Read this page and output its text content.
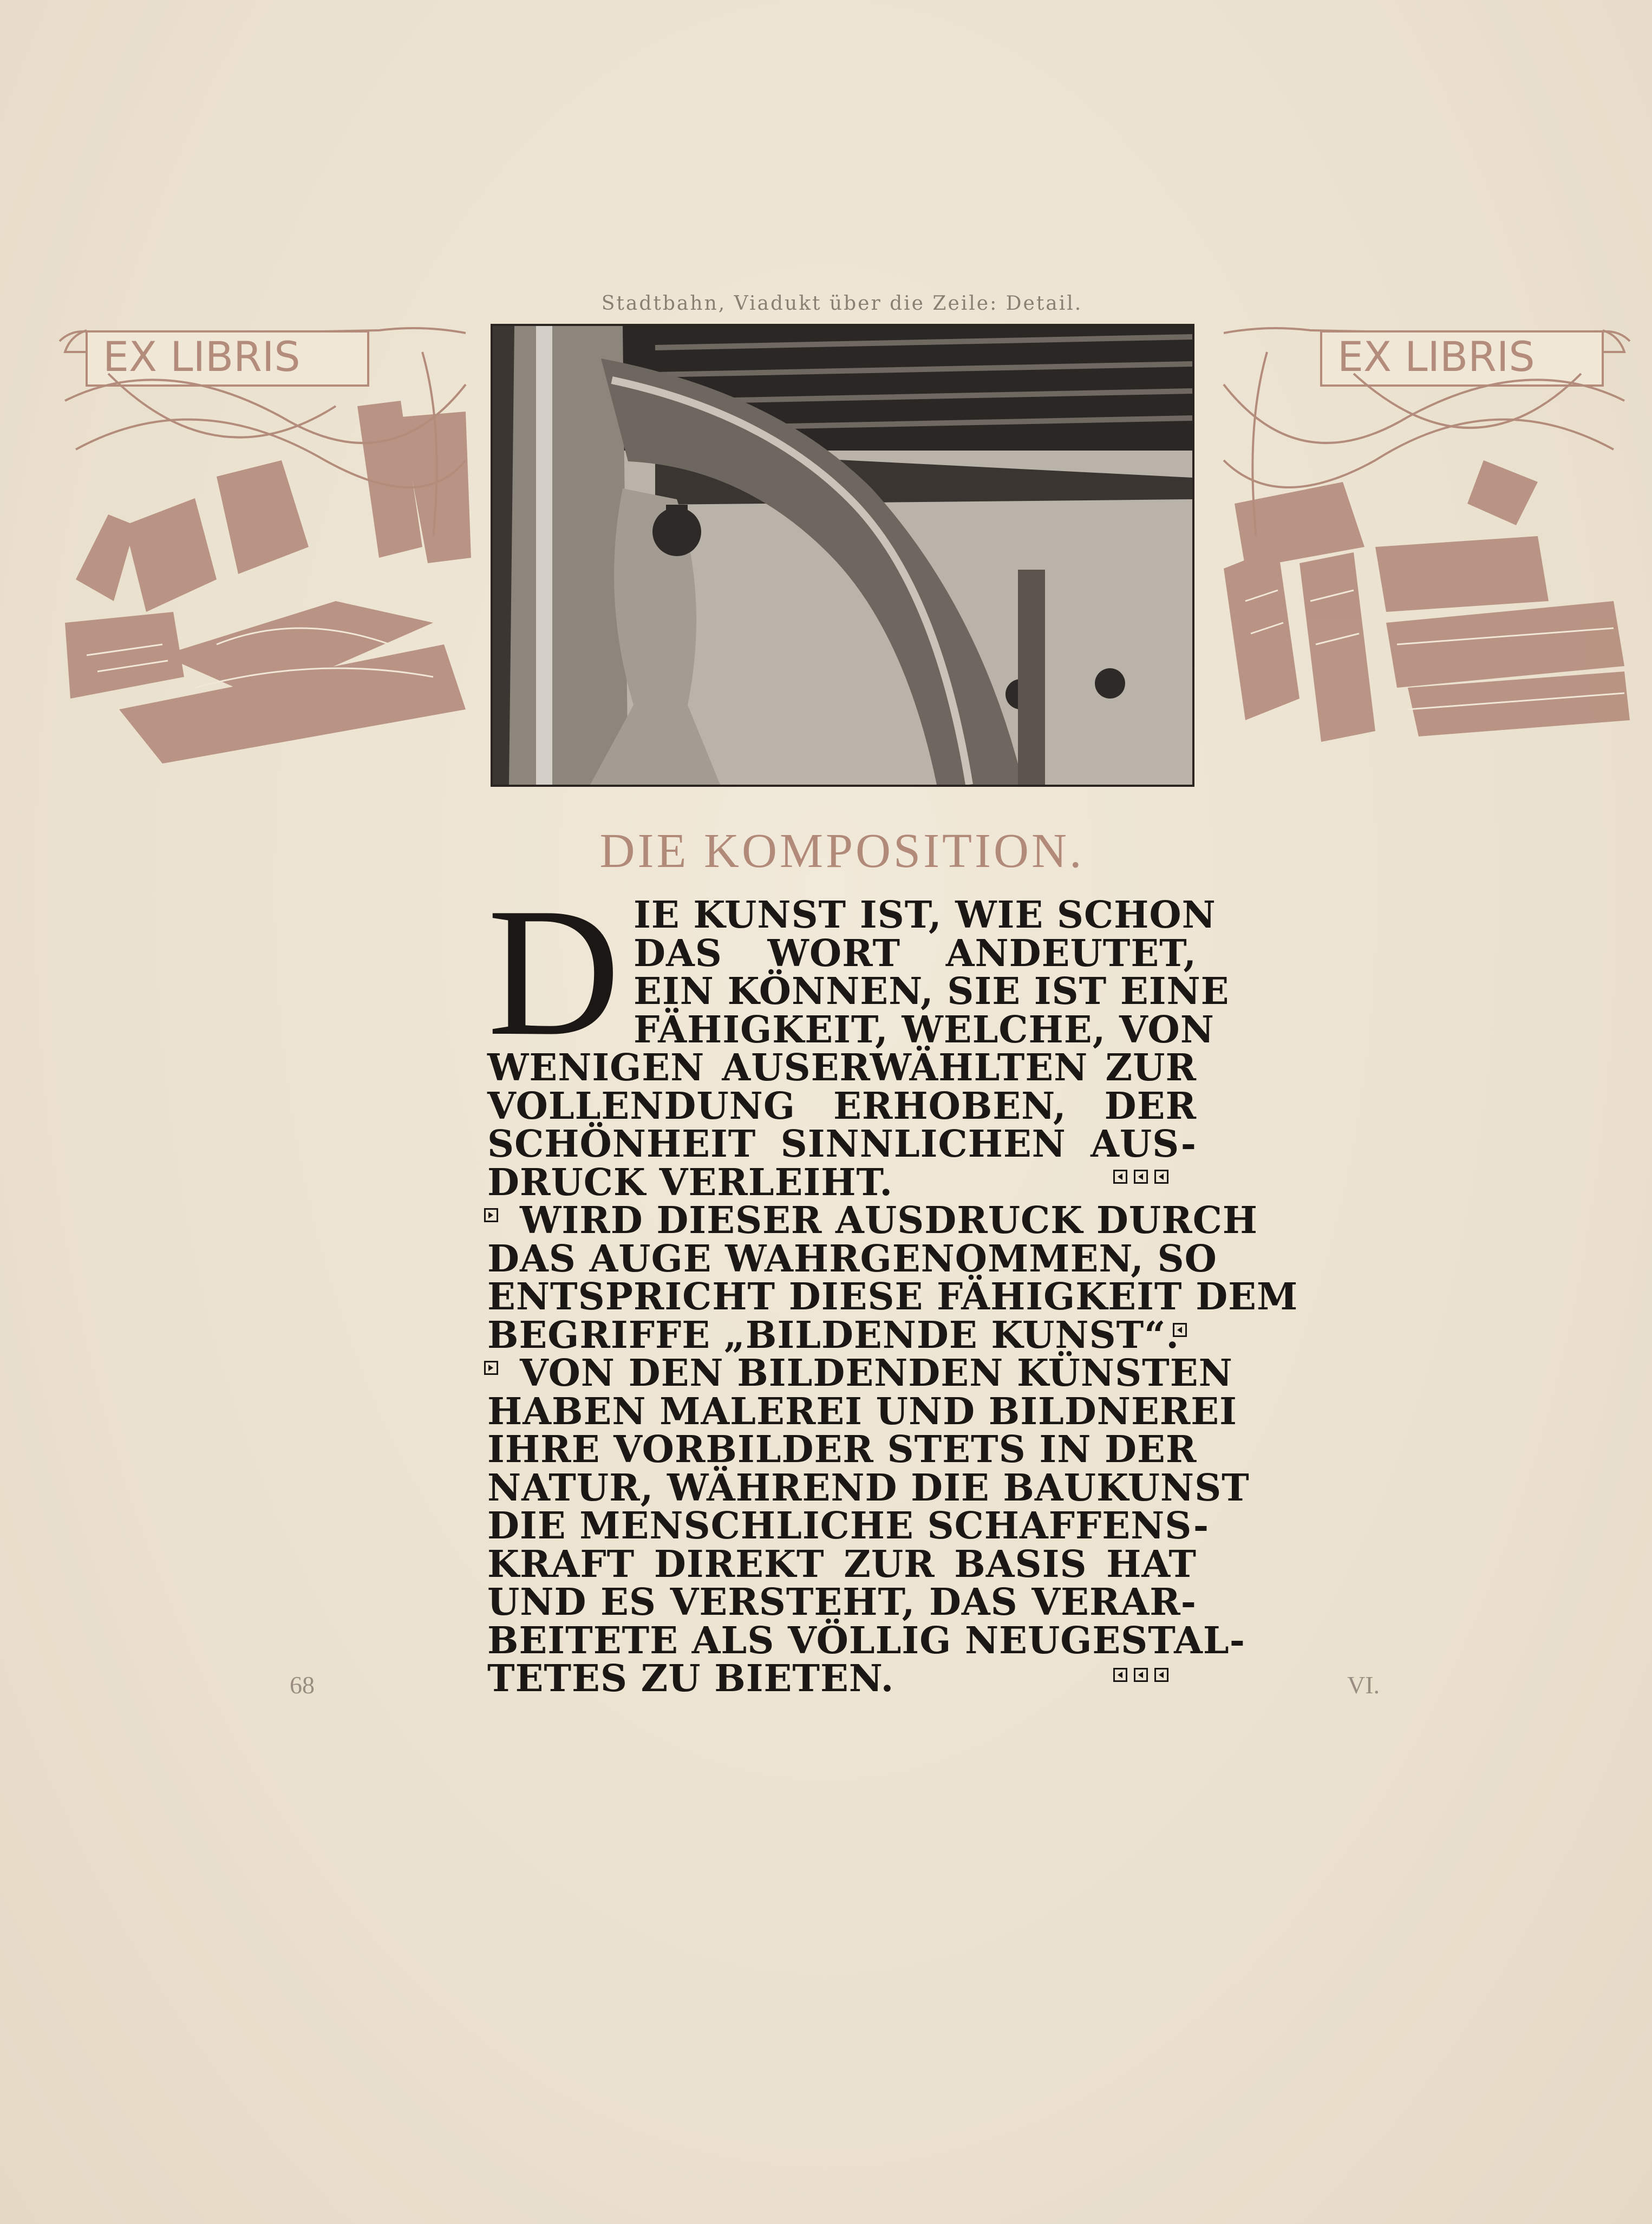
Stadtbahn, Viadukt über die Zeile: Detail.
EX LIBRIS	EX LIBRIS
DIE KOMPOSITION.
D IE KUNST IST, WIE SCHON
DAS WORT ANDEUTET,
EIN KÖNNEN, SIE IST EINE
FÄHIGKEIT, WELCHE, VON
WENIGEN AUSERWÄHLTEN ZUR
VOLLENDUNG ERHOBEN, DER
SCHÖNHEIT SINNLICHEN AUS-
DRUCK VERLEIHT.
WIRD DIESER AUSDRUCK DURCH
DAS AUGE WAHRGENOMMEN, SO
ENTSPRICHT DIESE FÄHIGKEIT DEM
BEGRIFFE „BILDENDE KUNST“.
VON DEN BILDENDEN KÜNSTEN
HABEN MALEREI UND BILDNEREI
IHRE VORBILDER STETS IN DER
NATUR, WÄHREND DIE BAUKUNST
DIE MENSCHLICHE SCHAFFENS-
KRAFT DIREKT ZUR BASIS HAT
UND ES VERSTEHT, DAS VERAR-
BEITETE ALS VÖLLIG NEUGESTAL-
TETES ZU BIETEN.
68	VI.
